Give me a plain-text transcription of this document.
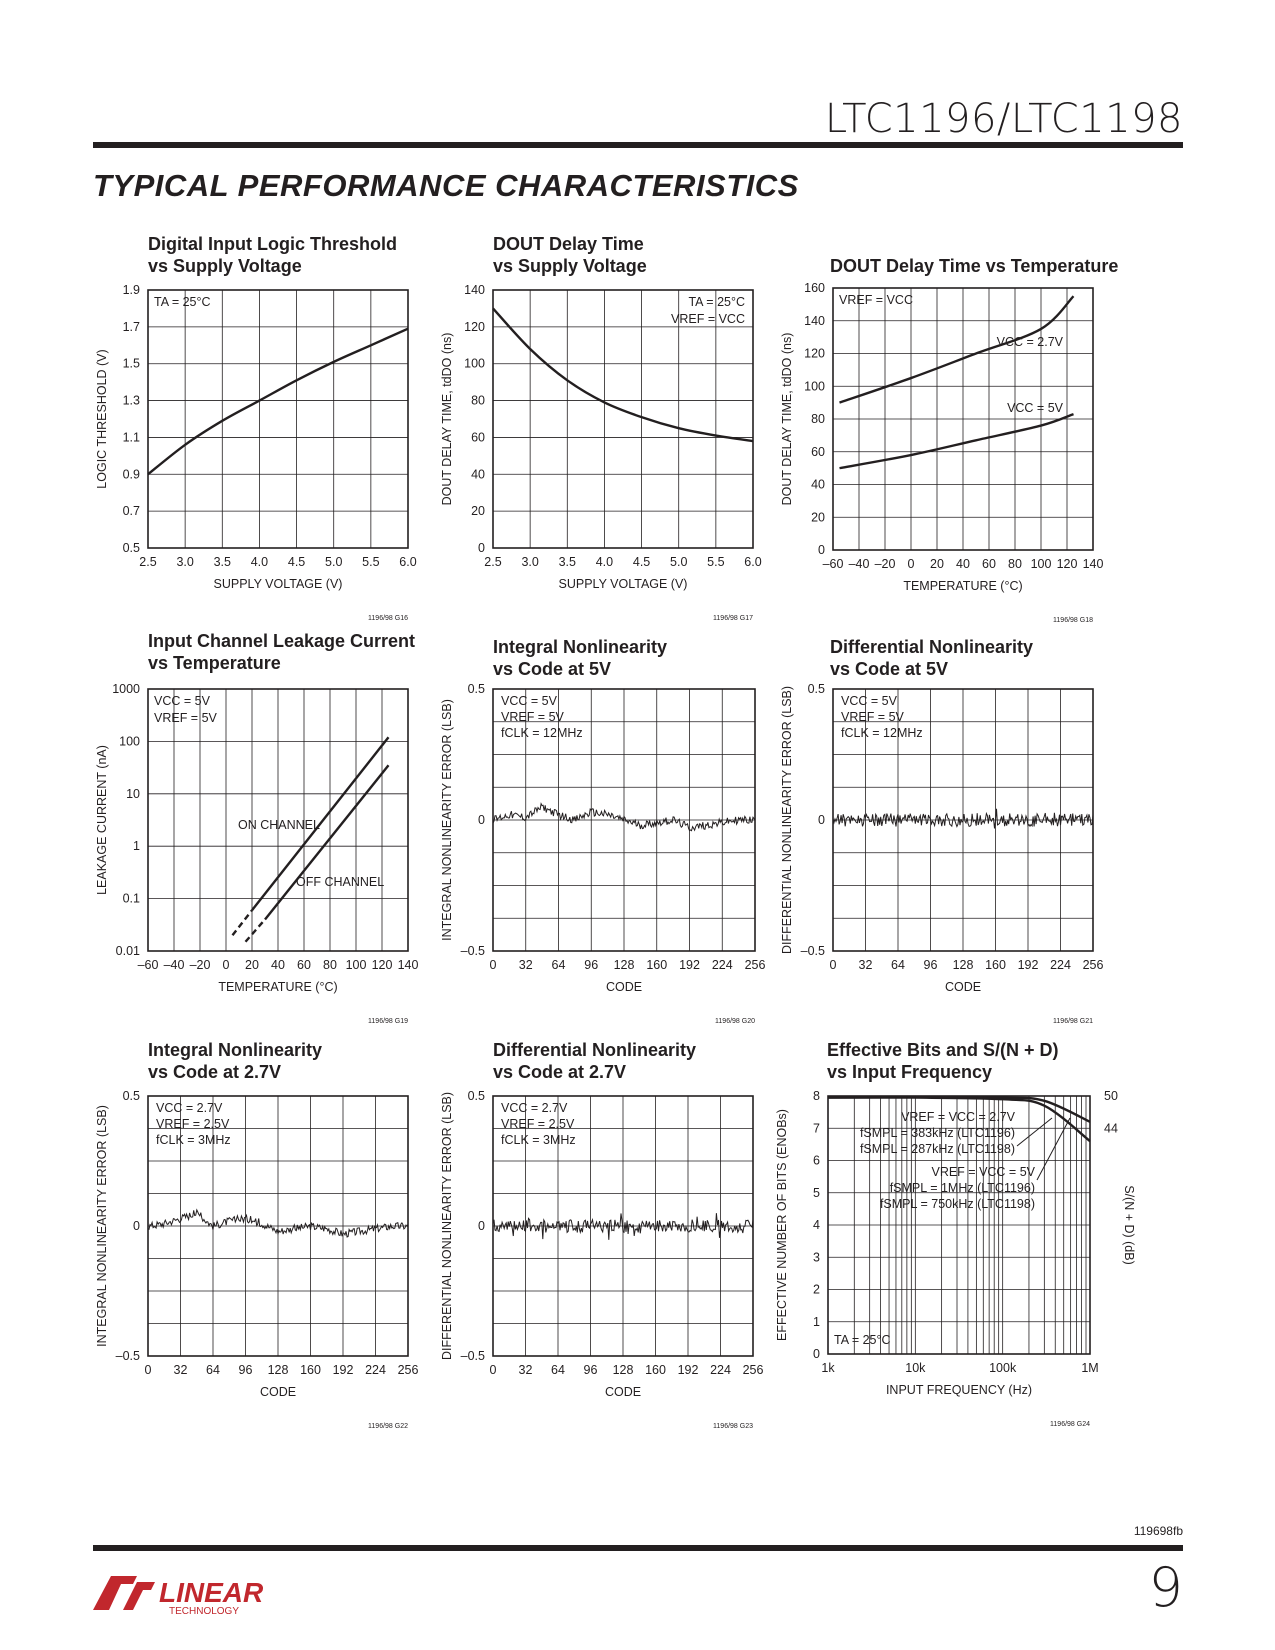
LTC1196/LTC1198
TYPICAL PERFORMANCE CHARACTERISTICS
Digital Input Logic Threshold
vs Supply Voltage
0.5
0.7
0.9
1.1
1.3
1.5
1.7
1.9
2.5 3.0 3.5 4.0 4.5 5.0 5.5 6.0
SUPPLY VOLTAGE (V)
LOGIC THRESHOLD (V)
1196/98 G16
TA = 25°C
DOUT Delay Time
vs Supply Voltage
0
20
40
60
80
100
120
140
2.5 3.0 3.5 4.0 4.5 5.0 5.5 6.0
SUPPLY VOLTAGE (V)
DOUT DELAY TIME, tdDO (ns)
1196/98 G17
TA = 25°C
VREF = VCC
DOUT Delay Time vs Temperature
0
20
40
60
80
100
120
140
160
–60 –40 –20 0 20 40 60 80 100 120 140
TEMPERATURE (°C)
DOUT DELAY TIME, tdDO (ns)
1196/98 G18
VREF = VCC
VCC = 2.7V
VCC = 5V
Input Channel Leakage Current
vs Temperature
0.01
0.1
1
10
100
1000
–60 –40 –20 0 20 40 60 80 100 120 140
TEMPERATURE (°C)
LEAKAGE CURRENT (nA)
1196/98 G19
VCC = 5V
VREF = 5V
ON CHANNEL
OFF CHANNEL
Integral Nonlinearity
vs Code at 5V
–0.5
0
0.5
0 32 64 96 128 160 192 224 256
CODE
INTEGRAL NONLINEARITY ERROR (LSB)
1196/98 G20
VCC = 5V
VREF = 5V
fCLK = 12MHz
Differential Nonlinearity
vs Code at 5V
–0.5
0
0.5
0 32 64 96 128 160 192 224 256
CODE
DIFFERENTIAL NONLINEARITY ERROR (LSB)
1196/98 G21
VCC = 5V
VREF = 5V
fCLK = 12MHz
Integral Nonlinearity
vs Code at 2.7V
–0.5
0
0.5
0 32 64 96 128 160 192 224 256
CODE
INTEGRAL NONLINEARITY ERROR (LSB)
1196/98 G22
VCC = 2.7V
VREF = 2.5V
fCLK = 3MHz
Differential Nonlinearity
vs Code at 2.7V
–0.5
0
0.5
0 32 64 96 128 160 192 224 256
CODE
DIFFERENTIAL NONLINEARITY ERROR (LSB)
1196/98 G23
VCC = 2.7V
VREF = 2.5V
fCLK = 3MHz
Effective Bits and S/(N + D)
vs Input Frequency
0
1
2
3
4
5
6
7
8
1k	10k	100k	1M
44
50
S/(N + D) (dB)
INPUT FREQUENCY (Hz)
EFFECTIVE NUMBER OF BITS (ENOBs)
1196/98 G24
VREF = VCC = 2.7V
fSMPL = 383kHz (LTC1196)
fSMPL = 287kHz (LTC1198)
VREF = VCC = 5V
fSMPL = 1MHz (LTC1196)
fSMPL = 750kHz (LTC1198)
TA = 25°C
119698fb
9
LINEAR
TECHNOLOGY
